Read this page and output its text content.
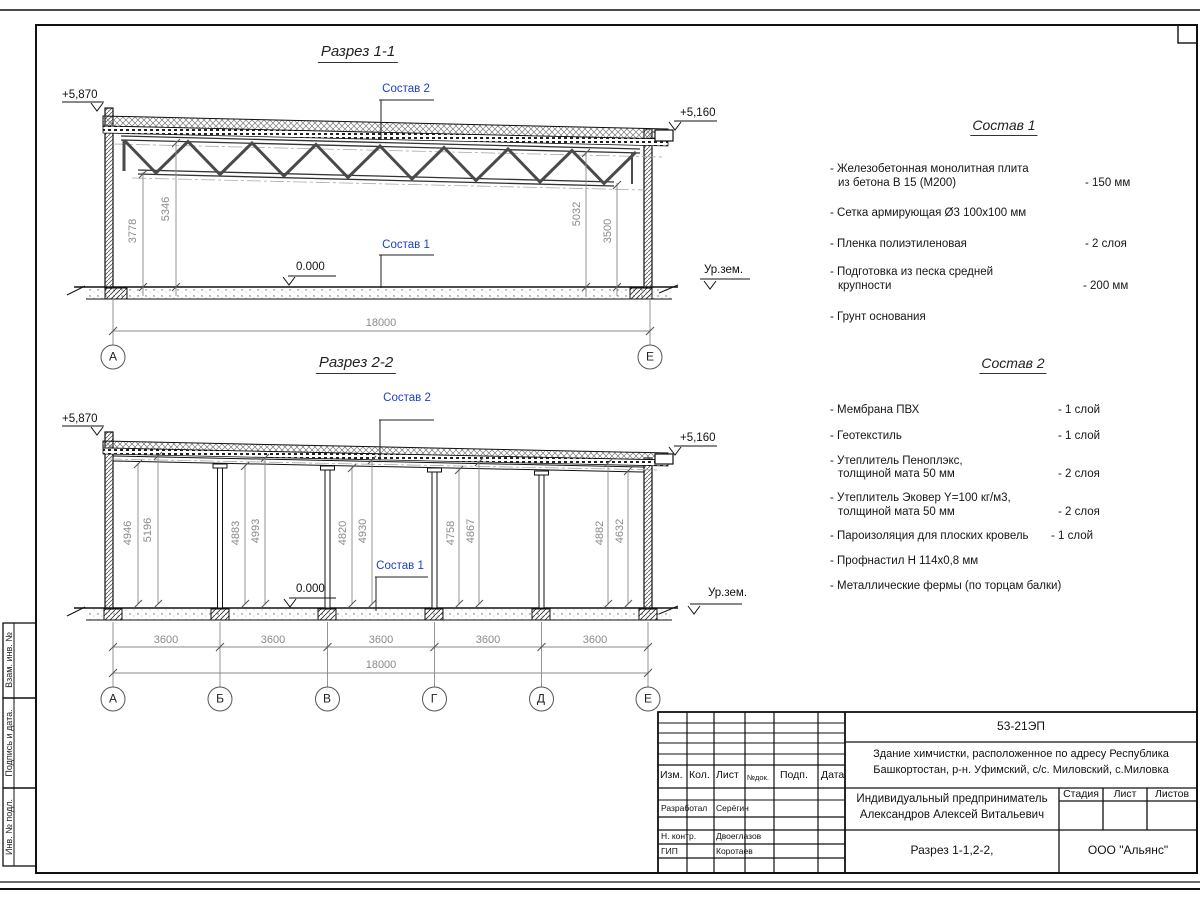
Разрез 1-1
+5,870
+5,160
0.000	Ур.зем.
Состав 2
Состав 1
3778
5346	5032
3500
18000
А	Е
Разрез 2-2
+5,870
+5,160
0.000	Ур.зем.
Состав 2
Состав 1
4946 5196	4883 4993	4820 4930	4758 4867	4882 4632
3600	3600	3600	3600	3600
18000
А	Б	В	Г	Д	Е
Состав 1
- Железобетонная монолитная плита
из бетона В 15 (М200)	- 150 мм
- Сетка армирующая Ø3 100х100 мм
- Пленка полиэтиленовая	- 2 слоя
- Подготовка из песка средней
крупности	- 200 мм
- Грунт основания
Состав 2
- Мембрана ПВХ	- 1 слой
- Геотекстиль	- 1 слой
- Утеплитель Пеноплэкс,
толщиной мата 50 мм	- 2 слоя
- Утеплитель Эковер Y=100 кг/м3,
толщиной мата 50 мм	- 2 слоя
- Пароизоляция для плоских кровель - 1 слой
- Профнастил Н 114х0,8 мм
- Металлические фермы (по торцам балки)
53-21ЭП
Здание химчистки, расположенное по адресу Республика
Башкортостан, р-н. Уфимский, с/с. Миловский, с.Миловка
Индивидуальный предприниматель
Александров Алексей Витальевич
Стадия Лист Листов
Разрез 1-1,2-2,	ООО "Альянс"
Изм. Кол. Лист №док. Подп. Дата
Разработал Серёгин
Н. контр. Двоеглазов
ГИП	Коротаев
Взам. инв. №
Подпись и дата.
Инв. № подл.
